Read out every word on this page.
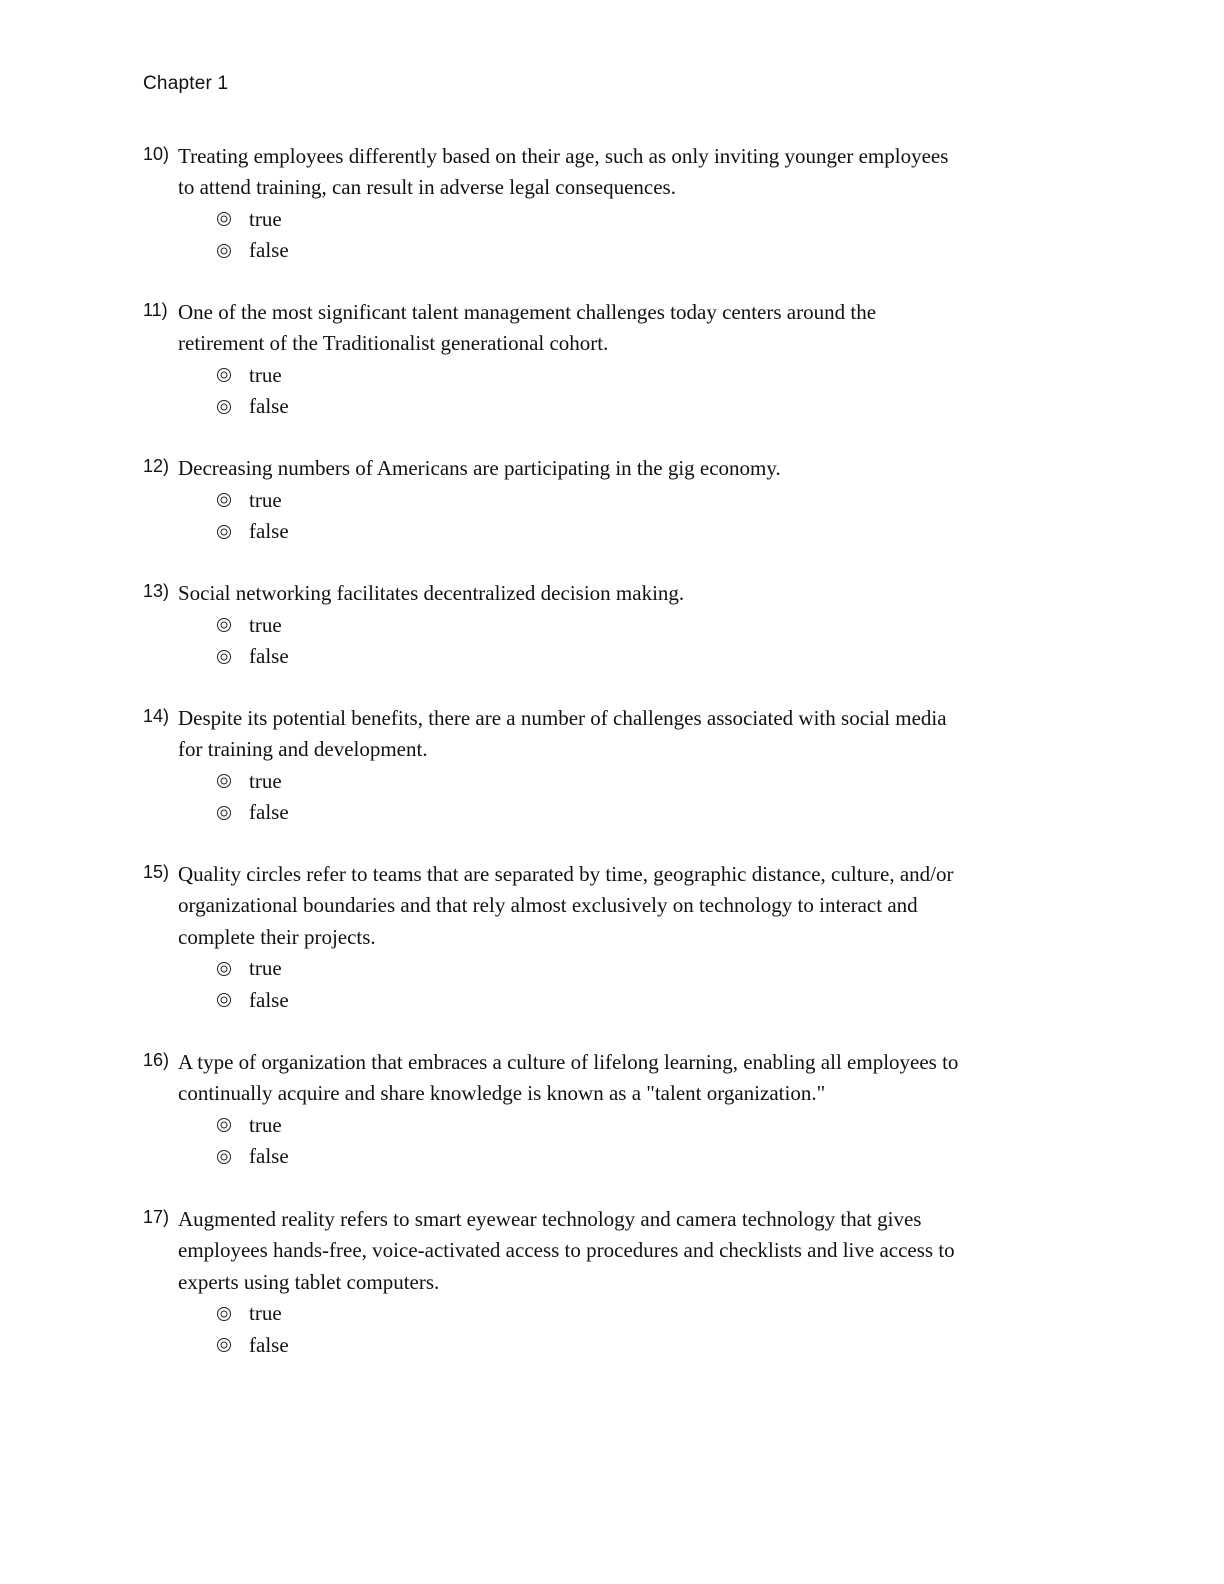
Chapter 1
10) Treating employees differently based on their age, such as only inviting younger employees
to attend training, can result in adverse legal consequences.
true
false
11) One of the most significant talent management challenges today centers around the
retirement of the Traditionalist generational cohort.
true
false
12) Decreasing numbers of Americans are participating in the gig economy.
true
false
13) Social networking facilitates decentralized decision making.
true
false
14) Despite its potential benefits, there are a number of challenges associated with social media
for training and development.
true
false
15) Quality circles refer to teams that are separated by time, geographic distance, culture, and/or
organizational boundaries and that rely almost exclusively on technology to interact and
complete their projects.
true
false
16) A type of organization that embraces a culture of lifelong learning, enabling all employees to
continually acquire and share knowledge is known as a "talent organization."
true
false
17) Augmented reality refers to smart eyewear technology and camera technology that gives
employees hands-free, voice-activated access to procedures and checklists and live access to
experts using tablet computers.
true
false
